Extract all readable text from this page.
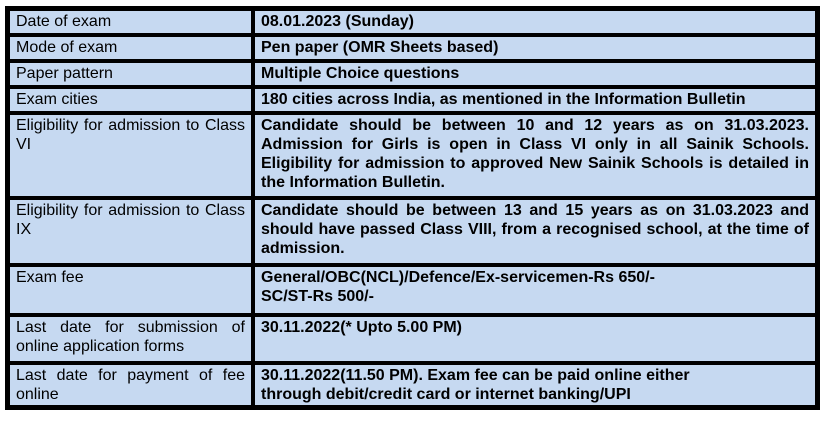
Date of exam	08.01.2023 (Sunday)
Mode of exam	Pen paper (OMR Sheets based)
Paper pattern	Multiple Choice questions
Exam cities	180 cities across India, as mentioned in the Information Bulletin
Eligibility for admission to Class VI	Candidate should be between 10 and 12 years as on 31.03.2023. Admission for Girls is open in Class VI only in all Sainik Schools. Eligibility for admission to approved New Sainik Schools is detailed in the Information Bulletin.
Eligibility for admission to Class IX	Candidate should be between 13 and 15 years as on 31.03.2023 and should have passed Class VIII, from a recognised school, at the time of admission.
Exam fee	General/OBC(NCL)/Defence/Ex-servicemen-Rs 650/-
SC/ST-Rs 500/-

Last date for submission of online application forms	30.11.2022(* Upto 5.00 PM)
Last date for payment of fee online	30.11.2022(11.50 PM). Exam fee can be paid online either
through debit/credit card or internet banking/UPI
